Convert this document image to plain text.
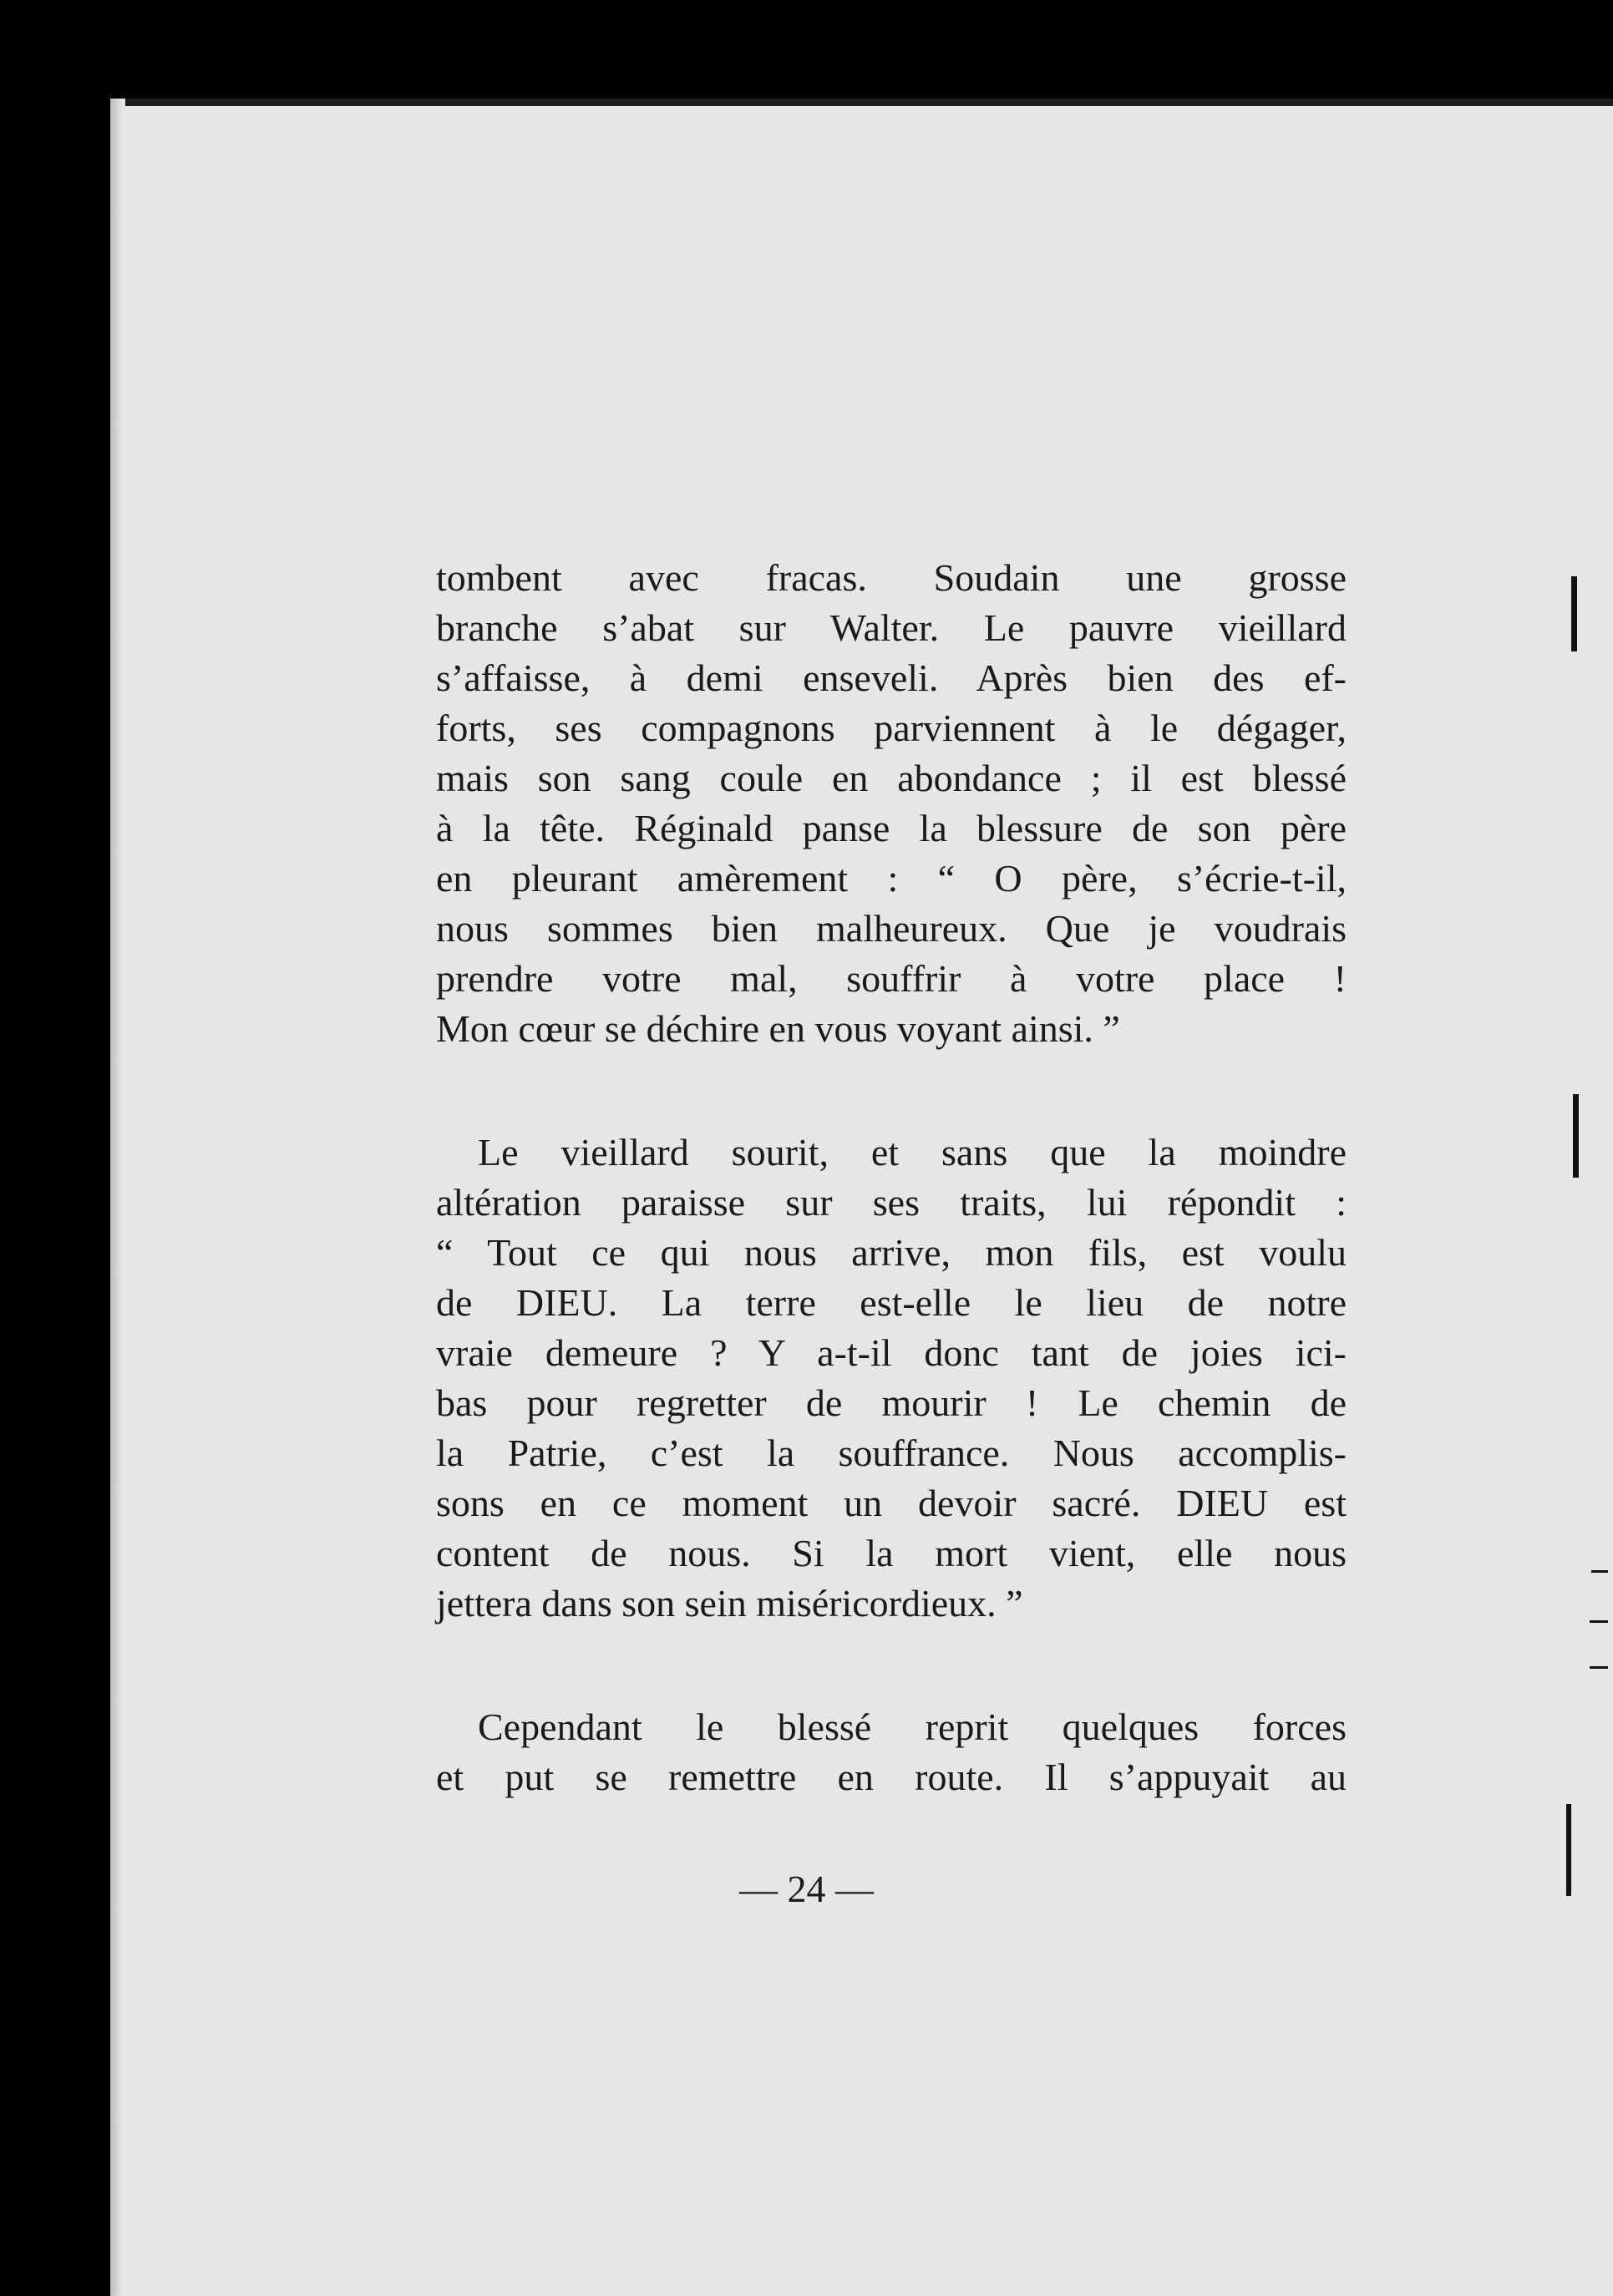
tombent avec fracas. Soudain une grosse
branche s’abat sur Walter. Le pauvre vieillard
s’affaisse, à demi enseveli. Après bien des ef-
forts, ses compagnons parviennent à le dégager,
mais son sang coule en abondance ; il est blessé
à la tête. Réginald panse la blessure de son père
en pleurant amèrement : “ O père, s’écrie-t-il,
nous sommes bien malheureux. Que je voudrais
prendre votre mal, souffrir à votre place !
Mon cœur se déchire en vous voyant ainsi. ”

Le vieillard sourit, et sans que la moindre
altération paraisse sur ses traits, lui répondit :
“ Tout ce qui nous arrive, mon fils, est voulu
de DIEU. La terre est-elle le lieu de notre
vraie demeure ? Y a-t-il donc tant de joies ici-
bas pour regretter de mourir ! Le chemin de
la Patrie, c’est la souffrance. Nous accomplis-
sons en ce moment un devoir sacré. DIEU est
content de nous. Si la mort vient, elle nous
jettera dans son sein miséricordieux. ”

Cependant le blessé reprit quelques forces
et put se remettre en route. Il s’appuyait au

— 24 —
